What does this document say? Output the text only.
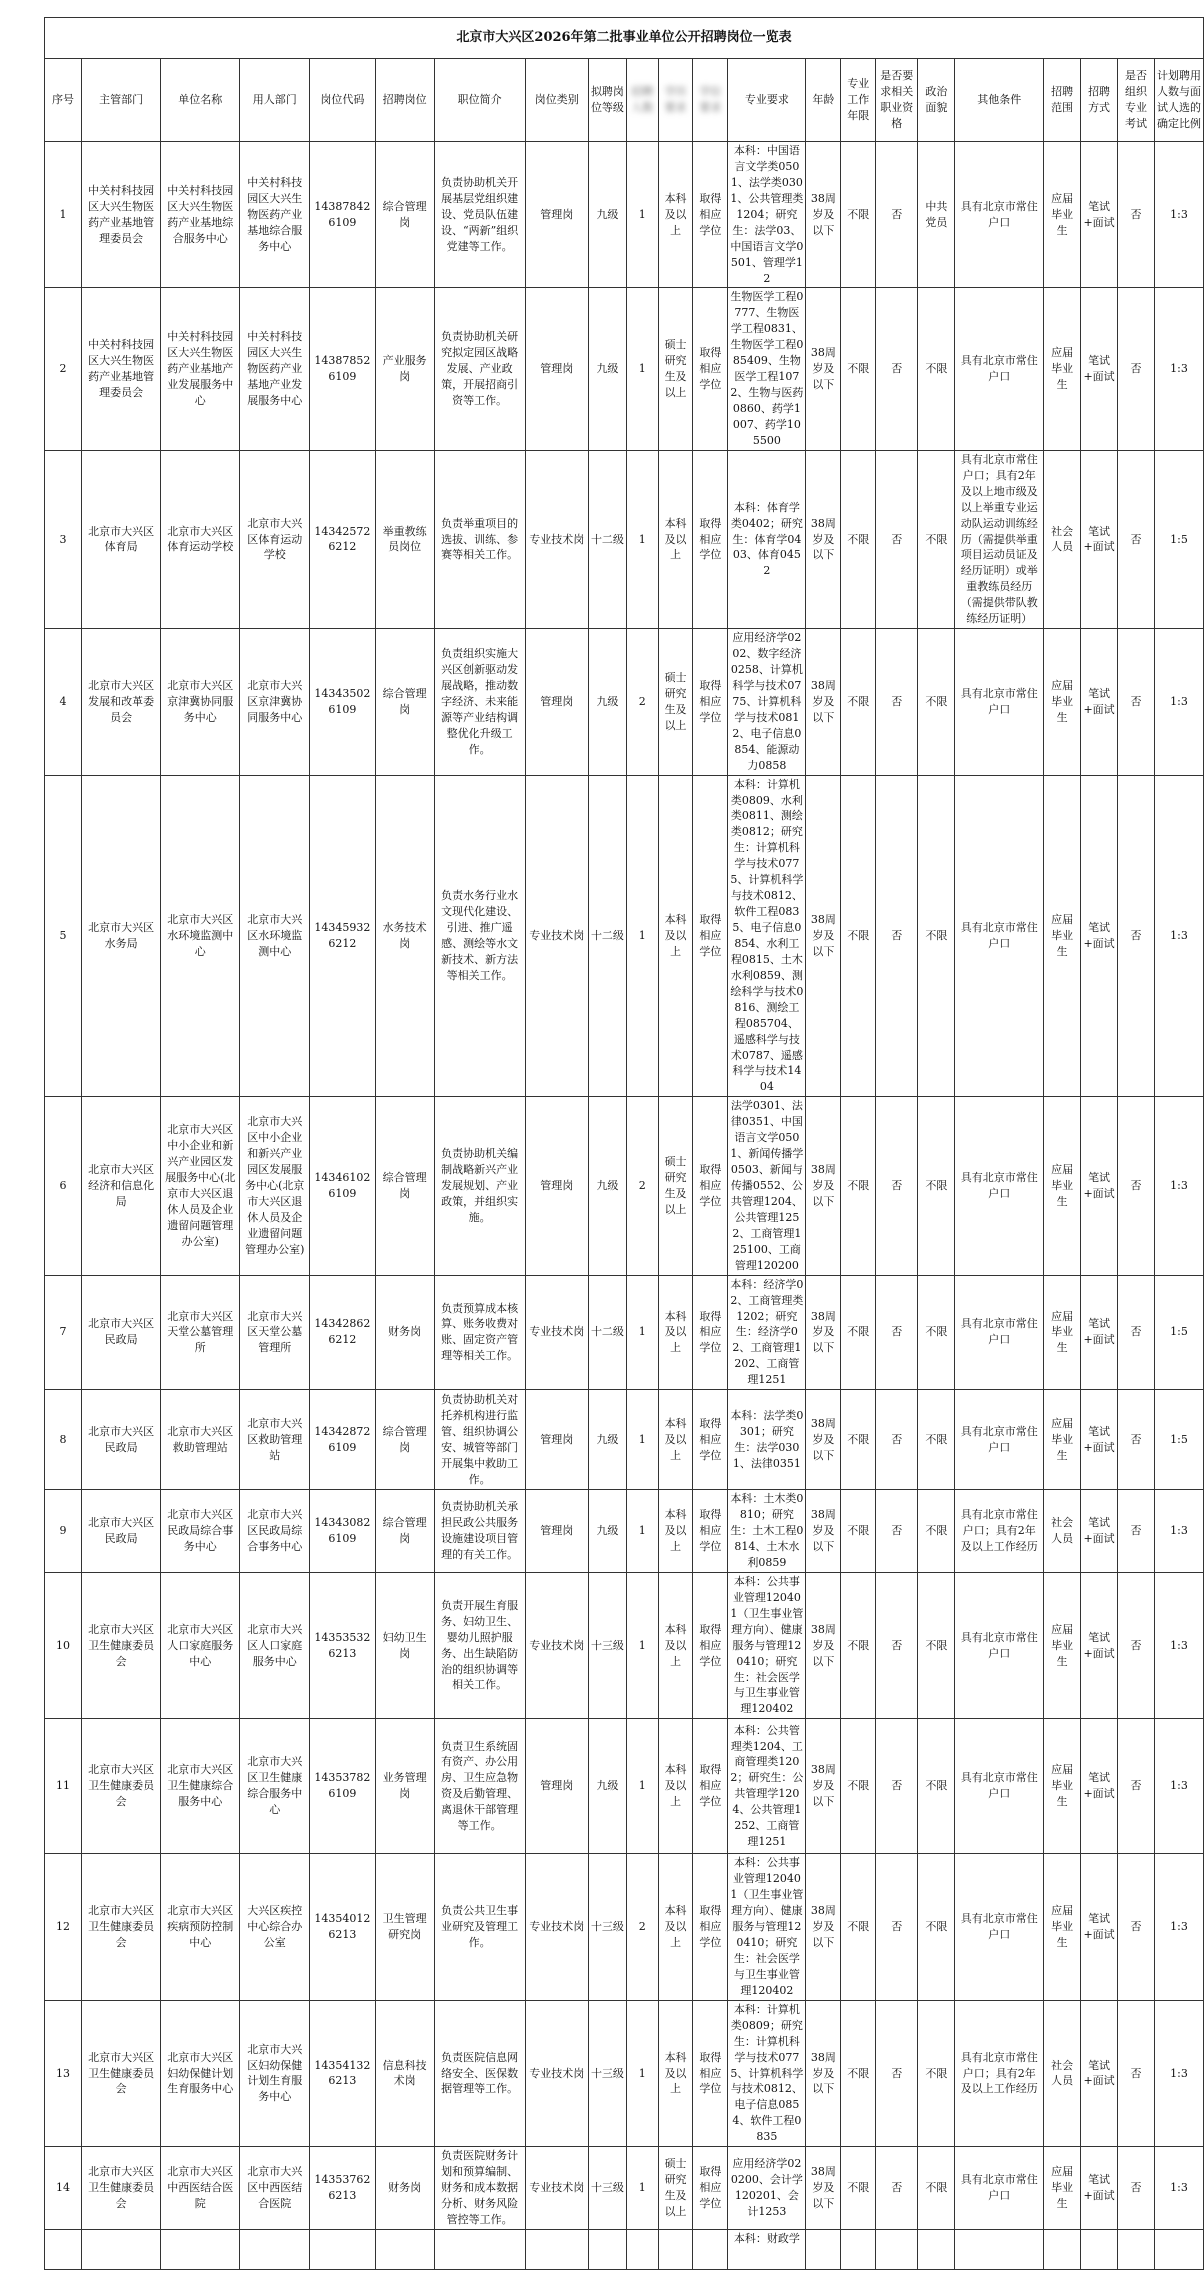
北京市大兴区2026年第二批事业单位公开招聘岗位一览表																					
序号	主管部门	单位名称	用人部门	岗位代码	招聘岗位	职位简介	岗位类别	拟聘岗位等级	招聘人数	学历要求	学位要求	专业要求	年龄	专业工作年限	是否要求相关职业资格	政治面貌	其他条件	招聘范围	招聘方式	是否组织专业考试	计划聘用人数与面试人选的确定比例
1	中关村科技园区大兴生物医药产业基地管理委员会	中关村科技园区大兴生物医药产业基地综合服务中心	中关村科技园区大兴生物医药产业基地综合服务中心	143878426109	综合管理岗	负责协助机关开展基层党组织建设、党员队伍建设、“两新”组织党建等工作。	管理岗	九级	1	本科及以上	取得相应学位	本科：中国语言文学类0501、法学类0301、公共管理类1204；研究生：法学03、中国语言文学0501、管理学12	38周岁及以下	不限	否	中共党员	具有北京市常住户口	应届毕业生	笔试+面试	否	1:3
2	中关村科技园区大兴生物医药产业基地管理委员会	中关村科技园区大兴生物医药产业基地产业发展服务中心	中关村科技园区大兴生物医药产业基地产业发展服务中心	143878526109	产业服务岗	负责协助机关研究拟定园区战略发展、产业政策，开展招商引资等工作。	管理岗	九级	1	硕士研究生及以上	取得相应学位	生物医学工程0777、生物医学工程0831、生物医学工程085409、生物医学工程1072、生物与医药0860、药学1007、药学105500	38周岁及以下	不限	否	不限	具有北京市常住户口	应届毕业生	笔试+面试	否	1:3
3	北京市大兴区体育局	北京市大兴区体育运动学校	北京市大兴区体育运动学校	143425726212	举重教练员岗位	负责举重项目的选拔、训练、参赛等相关工作。	专业技术岗	十二级	1	本科及以上	取得相应学位	本科：体育学类0402；研究生：体育学0403、体育0452	38周岁及以下	不限	否	不限	具有北京市常住户口；具有2年及以上地市级及以上举重专业运动队运动训练经历（需提供举重项目运动员证及经历证明）或举重教练员经历（需提供带队教练经历证明）	社会人员	笔试+面试	否	1:5
4	北京市大兴区发展和改革委员会	北京市大兴区京津冀协同服务中心	北京市大兴区京津冀协同服务中心	143435026109	综合管理岗	负责组织实施大兴区创新驱动发展战略，推动数字经济、未来能源等产业结构调整优化升级工作。	管理岗	九级	2	硕士研究生及以上	取得相应学位	应用经济学0202、数字经济0258、计算机科学与技术0775、计算机科学与技术0812、电子信息0854、能源动力0858	38周岁及以下	不限	否	不限	具有北京市常住户口	应届毕业生	笔试+面试	否	1:3
5	北京市大兴区水务局	北京市大兴区水环境监测中心	北京市大兴区水环境监测中心	143459326212	水务技术岗	负责水务行业水文现代化建设、引进、推广遥感、测绘等水文新技术、新方法等相关工作。	专业技术岗	十二级	1	本科及以上	取得相应学位	本科：计算机类0809、水利类0811、测绘类0812；研究生：计算机科学与技术0775、计算机科学与技术0812、软件工程0835、电子信息0854、水利工程0815、土木水利0859、测绘科学与技术0816、测绘工程085704、遥感科学与技术0787、遥感科学与技术1404	38周岁及以下	不限	否	不限	具有北京市常住户口	应届毕业生	笔试+面试	否	1:3
6	北京市大兴区经济和信息化局	北京市大兴区中小企业和新兴产业园区发展服务中心(北京市大兴区退休人员及企业遗留问题管理办公室)	北京市大兴区中小企业和新兴产业园区发展服务中心(北京市大兴区退休人员及企业遗留问题管理办公室)	143461026109	综合管理岗	负责协助机关编制战略新兴产业发展规划、产业政策，并组织实施。	管理岗	九级	2	硕士研究生及以上	取得相应学位	法学0301、法律0351、中国语言文学0501、新闻传播学0503、新闻与传播0552、公共管理1204、公共管理1252、工商管理125100、工商管理120200	38周岁及以下	不限	否	不限	具有北京市常住户口	应届毕业生	笔试+面试	否	1:3
7	北京市大兴区民政局	北京市大兴区天堂公墓管理所	北京市大兴区天堂公墓管理所	143428626212	财务岗	负责预算成本核算、账务收费对账、固定资产管理等相关工作。	专业技术岗	十二级	1	本科及以上	取得相应学位	本科：经济学02、工商管理类1202；研究生：经济学02、工商管理1202、工商管理1251	38周岁及以下	不限	否	不限	具有北京市常住户口	应届毕业生	笔试+面试	否	1:5
8	北京市大兴区民政局	北京市大兴区救助管理站	北京市大兴区救助管理站	143428726109	综合管理岗	负责协助机关对托养机构进行监管、组织协调公安、城管等部门开展集中救助工作。	管理岗	九级	1	本科及以上	取得相应学位	本科：法学类0301；研究生：法学0301、法律0351	38周岁及以下	不限	否	不限	具有北京市常住户口	应届毕业生	笔试+面试	否	1:5
9	北京市大兴区民政局	北京市大兴区民政局综合事务中心	北京市大兴区民政局综合事务中心	143430826109	综合管理岗	负责协助机关承担民政公共服务设施建设项目管理的有关工作。	管理岗	九级	1	本科及以上	取得相应学位	本科：土木类0810；研究生：土木工程0814、土木水利0859	38周岁及以下	不限	否	不限	具有北京市常住户口；具有2年及以上工作经历	社会人员	笔试+面试	否	1:3
10	北京市大兴区卫生健康委员会	北京市大兴区人口家庭服务中心	北京市大兴区人口家庭服务中心	143535326213	妇幼卫生岗	负责开展生育服务、妇幼卫生、婴幼儿照护服务、出生缺陷防治的组织协调等相关工作。	专业技术岗	十三级	1	本科及以上	取得相应学位	本科：公共事业管理120401（卫生事业管理方向）、健康服务与管理120410；研究生：社会医学与卫生事业管理120402	38周岁及以下	不限	否	不限	具有北京市常住户口	应届毕业生	笔试+面试	否	1:3
11	北京市大兴区卫生健康委员会	北京市大兴区卫生健康综合服务中心	北京市大兴区卫生健康综合服务中心	143537826109	业务管理岗	负责卫生系统固有资产、办公用房、卫生应急物资及后勤管理、离退休干部管理等工作。	管理岗	九级	1	本科及以上	取得相应学位	本科：公共管理类1204、工商管理类1202；研究生：公共管理学1204、公共管理1252、工商管理1251	38周岁及以下	不限	否	不限	具有北京市常住户口	应届毕业生	笔试+面试	否	1:3
12	北京市大兴区卫生健康委员会	北京市大兴区疾病预防控制中心	大兴区疾控中心综合办公室	143540126213	卫生管理研究岗	负责公共卫生事业研究及管理工作。	专业技术岗	十三级	2	本科及以上	取得相应学位	本科：公共事业管理120401（卫生事业管理方向）、健康服务与管理120410；研究生：社会医学与卫生事业管理120402	38周岁及以下	不限	否	不限	具有北京市常住户口	应届毕业生	笔试+面试	否	1:3
13	北京市大兴区卫生健康委员会	北京市大兴区妇幼保健计划生育服务中心	北京市大兴区妇幼保健计划生育服务中心	143541326213	信息科技术岗	负责医院信息网络安全、医保数据管理等工作。	专业技术岗	十三级	1	本科及以上	取得相应学位	本科：计算机类0809；研究生：计算机科学与技术0775、计算机科学与技术0812、电子信息0854、软件工程0835	38周岁及以下	不限	否	不限	具有北京市常住户口；具有2年及以上工作经历	社会人员	笔试+面试	否	1:3
14	北京市大兴区卫生健康委员会	北京市大兴区中西医结合医院	北京市大兴区中西医结合医院	143537626213	财务岗	负责医院财务计划和预算编制、财务和成本数据分析、财务风险管控等工作。	专业技术岗	十三级	1	硕士研究生及以上	取得相应学位	应用经济学020200、会计学120201、会计1253	38周岁及以下	不限	否	不限	具有北京市常住户口	应届毕业生	笔试+面试	否	1:3
												本科：财政学									
